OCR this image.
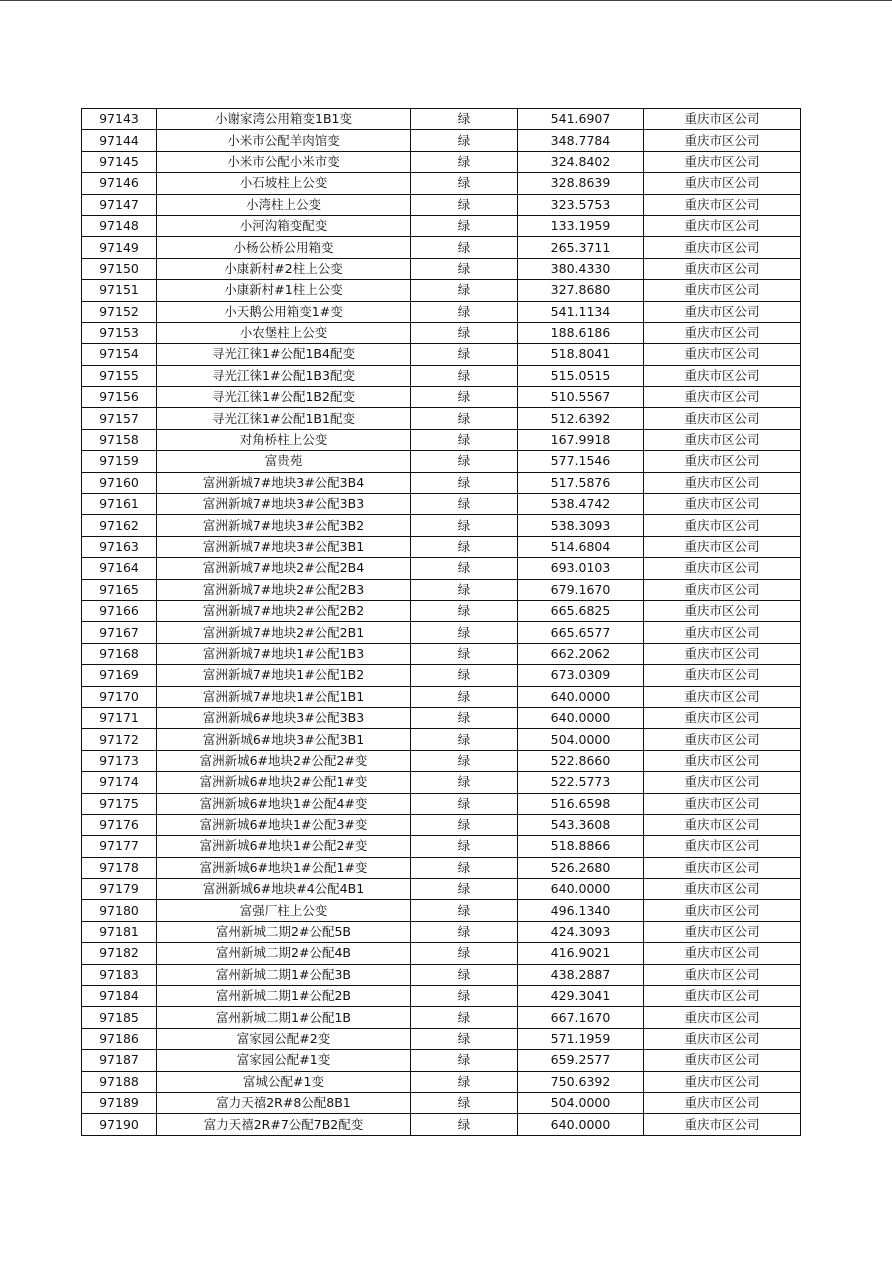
97143	小谢家湾公用箱变1B1变	绿	541.6907	重庆市区公司
97144	小米市公配羊肉馆变	绿	348.7784	重庆市区公司
97145	小米市公配小米市变	绿	324.8402	重庆市区公司
97146	小石坡柱上公变	绿	328.8639	重庆市区公司
97147	小湾柱上公变	绿	323.5753	重庆市区公司
97148	小河沟箱变配变	绿	133.1959	重庆市区公司
97149	小杨公桥公用箱变	绿	265.3711	重庆市区公司
97150	小康新村#2柱上公变	绿	380.4330	重庆市区公司
97151	小康新村#1柱上公变	绿	327.8680	重庆市区公司
97152	小天鹅公用箱变1#变	绿	541.1134	重庆市区公司
97153	小农堡柱上公变	绿	188.6186	重庆市区公司
97154	寻光江徕1#公配1B4配变	绿	518.8041	重庆市区公司
97155	寻光江徕1#公配1B3配变	绿	515.0515	重庆市区公司
97156	寻光江徕1#公配1B2配变	绿	510.5567	重庆市区公司
97157	寻光江徕1#公配1B1配变	绿	512.6392	重庆市区公司
97158	对角桥柱上公变	绿	167.9918	重庆市区公司
97159	富贵苑	绿	577.1546	重庆市区公司
97160	富洲新城7#地块3#公配3B4	绿	517.5876	重庆市区公司
97161	富洲新城7#地块3#公配3B3	绿	538.4742	重庆市区公司
97162	富洲新城7#地块3#公配3B2	绿	538.3093	重庆市区公司
97163	富洲新城7#地块3#公配3B1	绿	514.6804	重庆市区公司
97164	富洲新城7#地块2#公配2B4	绿	693.0103	重庆市区公司
97165	富洲新城7#地块2#公配2B3	绿	679.1670	重庆市区公司
97166	富洲新城7#地块2#公配2B2	绿	665.6825	重庆市区公司
97167	富洲新城7#地块2#公配2B1	绿	665.6577	重庆市区公司
97168	富洲新城7#地块1#公配1B3	绿	662.2062	重庆市区公司
97169	富洲新城7#地块1#公配1B2	绿	673.0309	重庆市区公司
97170	富洲新城7#地块1#公配1B1	绿	640.0000	重庆市区公司
97171	富洲新城6#地块3#公配3B3	绿	640.0000	重庆市区公司
97172	富洲新城6#地块3#公配3B1	绿	504.0000	重庆市区公司
97173	富洲新城6#地块2#公配2#变	绿	522.8660	重庆市区公司
97174	富洲新城6#地块2#公配1#变	绿	522.5773	重庆市区公司
97175	富洲新城6#地块1#公配4#变	绿	516.6598	重庆市区公司
97176	富洲新城6#地块1#公配3#变	绿	543.3608	重庆市区公司
97177	富洲新城6#地块1#公配2#变	绿	518.8866	重庆市区公司
97178	富洲新城6#地块1#公配1#变	绿	526.2680	重庆市区公司
97179	富洲新城6#地块#4公配4B1	绿	640.0000	重庆市区公司
97180	富强厂柱上公变	绿	496.1340	重庆市区公司
97181	富州新城二期2#公配5B	绿	424.3093	重庆市区公司
97182	富州新城二期2#公配4B	绿	416.9021	重庆市区公司
97183	富州新城二期1#公配3B	绿	438.2887	重庆市区公司
97184	富州新城二期1#公配2B	绿	429.3041	重庆市区公司
97185	富州新城二期1#公配1B	绿	667.1670	重庆市区公司
97186	富家园公配#2变	绿	571.1959	重庆市区公司
97187	富家园公配#1变	绿	659.2577	重庆市区公司
97188	富城公配#1变	绿	750.6392	重庆市区公司
97189	富力天禧2R#8公配8B1	绿	504.0000	重庆市区公司
97190	富力天禧2R#7公配7B2配变	绿	640.0000	重庆市区公司
